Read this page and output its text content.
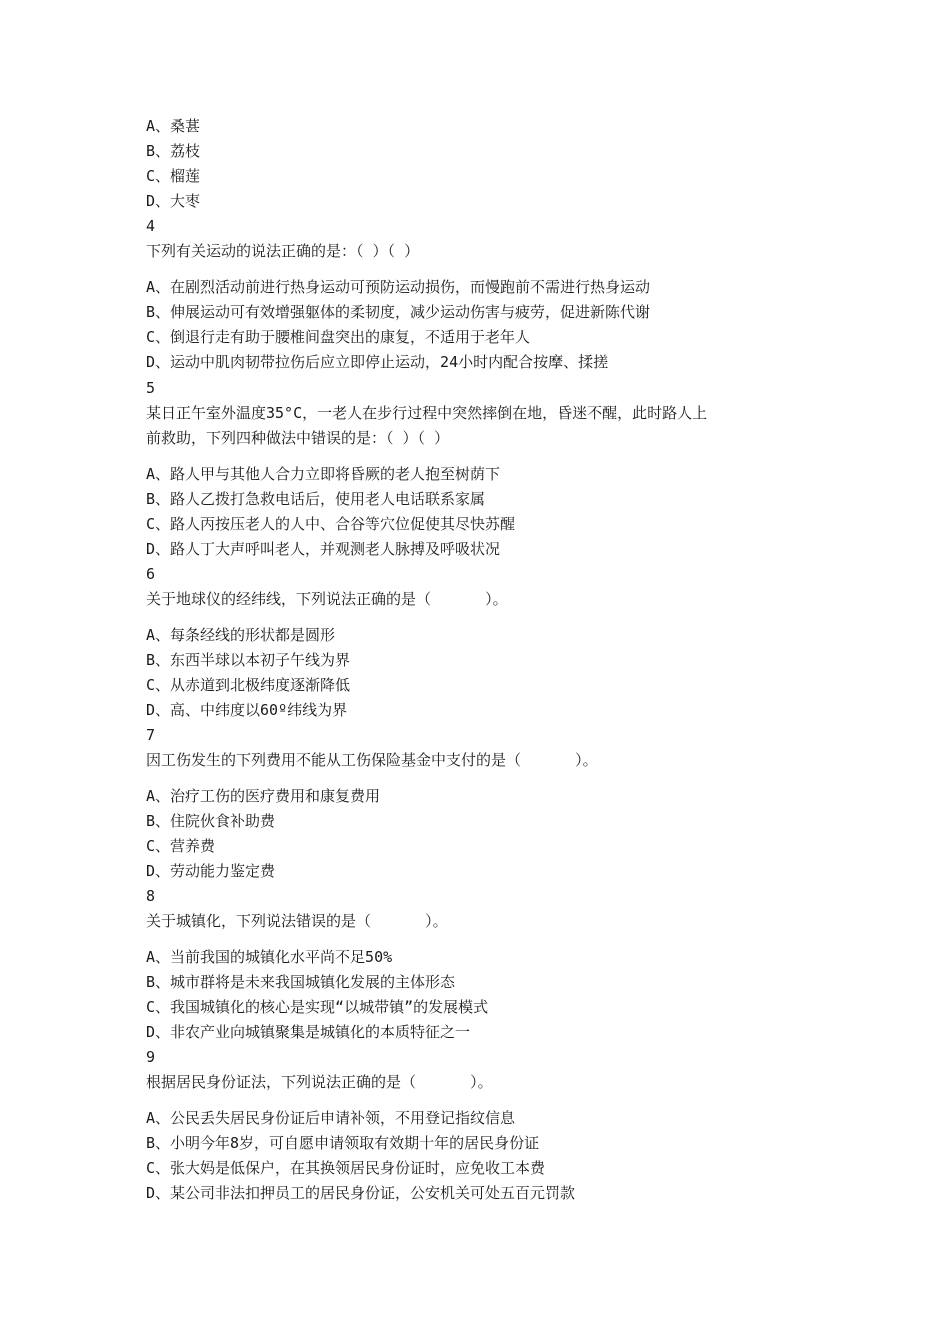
A、桑葚
B、荔枝
C、榴莲
D、大枣
4
下列有关运动的说法正确的是：（ ）（ ）
A、在剧烈活动前进行热身运动可预防运动损伤，而慢跑前不需进行热身运动
B、伸展运动可有效增强躯体的柔韧度，减少运动伤害与疲劳，促进新陈代谢
C、倒退行走有助于腰椎间盘突出的康复，不适用于老年人
D、运动中肌肉韧带拉伤后应立即停止运动，24小时内配合按摩、揉搓
5
某日正午室外温度35°C，一老人在步行过程中突然摔倒在地，昏迷不醒，此时路人上
前救助，下列四种做法中错误的是：（ ）（ ）
A、路人甲与其他人合力立即将昏厥的老人抱至树荫下
B、路人乙拨打急救电话后，使用老人电话联系家属
C、路人丙按压老人的人中、合谷等穴位促使其尽快苏醒
D、路人丁大声呼叫老人，并观测老人脉搏及呼吸状况
6
关于地球仪的经纬线，下列说法正确的是（      ）。
A、每条经线的形状都是圆形
B、东西半球以本初子午线为界
C、从赤道到北极纬度逐渐降低
D、高、中纬度以60º纬线为界
7
因工伤发生的下列费用不能从工伤保险基金中支付的是（      ）。
A、治疗工伤的医疗费用和康复费用
B、住院伙食补助费
C、营养费
D、劳动能力鉴定费
8
关于城镇化，下列说法错误的是（      ）。
A、当前我国的城镇化水平尚不足50%
B、城市群将是未来我国城镇化发展的主体形态
C、我国城镇化的核心是实现“以城带镇”的发展模式
D、非农产业向城镇聚集是城镇化的本质特征之一
9
根据居民身份证法，下列说法正确的是（      ）。
A、公民丢失居民身份证后申请补领，不用登记指纹信息
B、小明今年8岁，可自愿申请领取有效期十年的居民身份证
C、张大妈是低保户，在其换领居民身份证时，应免收工本费
D、某公司非法扣押员工的居民身份证，公安机关可处五百元罚款
